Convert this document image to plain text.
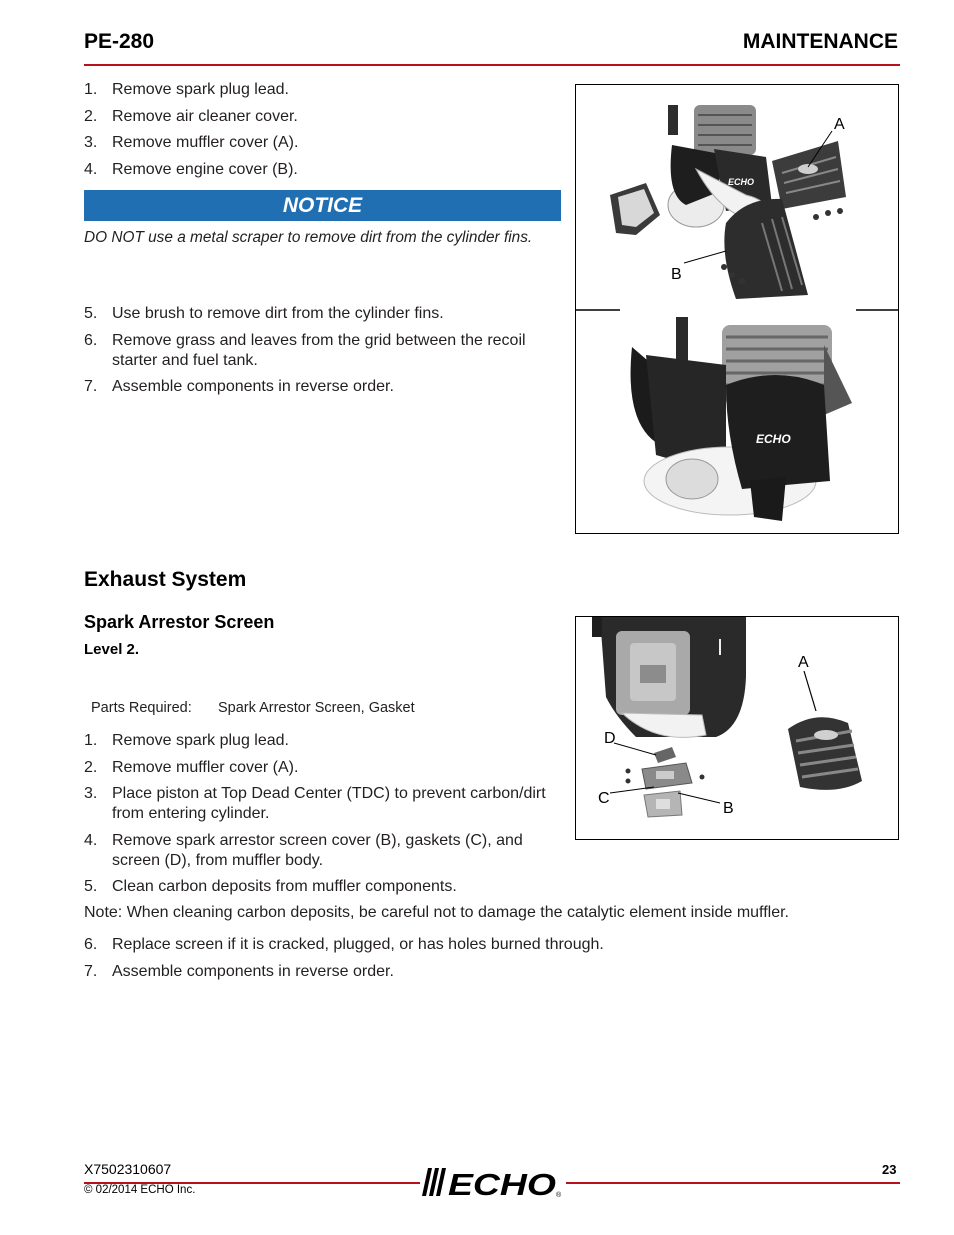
PE-280	MAINTENANCE
1. Remove spark plug lead.
2. Remove air cleaner cover.
3. Remove muffler cover (A).
4. Remove engine cover (B).
NOTICE
DO NOT use a metal scraper to remove dirt from the cylinder fins.
5. Use brush to remove dirt from the cylinder fins.
6. Remove grass and leaves from the grid between the recoil starter and fuel tank.
7. Assemble components in reverse order.
ECHO
A
B
ECHO
Exhaust System
Spark Arrestor Screen
Level 2.
Parts Required: Spark Arrestor Screen, Gasket
1. Remove spark plug lead.
2. Remove muffler cover (A).
3. Place piston at Top Dead Center (TDC) to prevent carbon/dirt from entering cylinder.
4. Remove spark arrestor screen cover (B), gaskets (C), and screen (D), from muffler body.
5. Clean carbon deposits from muffler components.
Note: When cleaning carbon deposits, be careful not to damage the catalytic element inside muffler.
6. Replace screen if it is cracked, plugged, or has holes burned through.
7. Assemble components in reverse order.
A
D
C
B
X7502310607
© 02/2014 ECHO Inc.
23
ECHO ®
